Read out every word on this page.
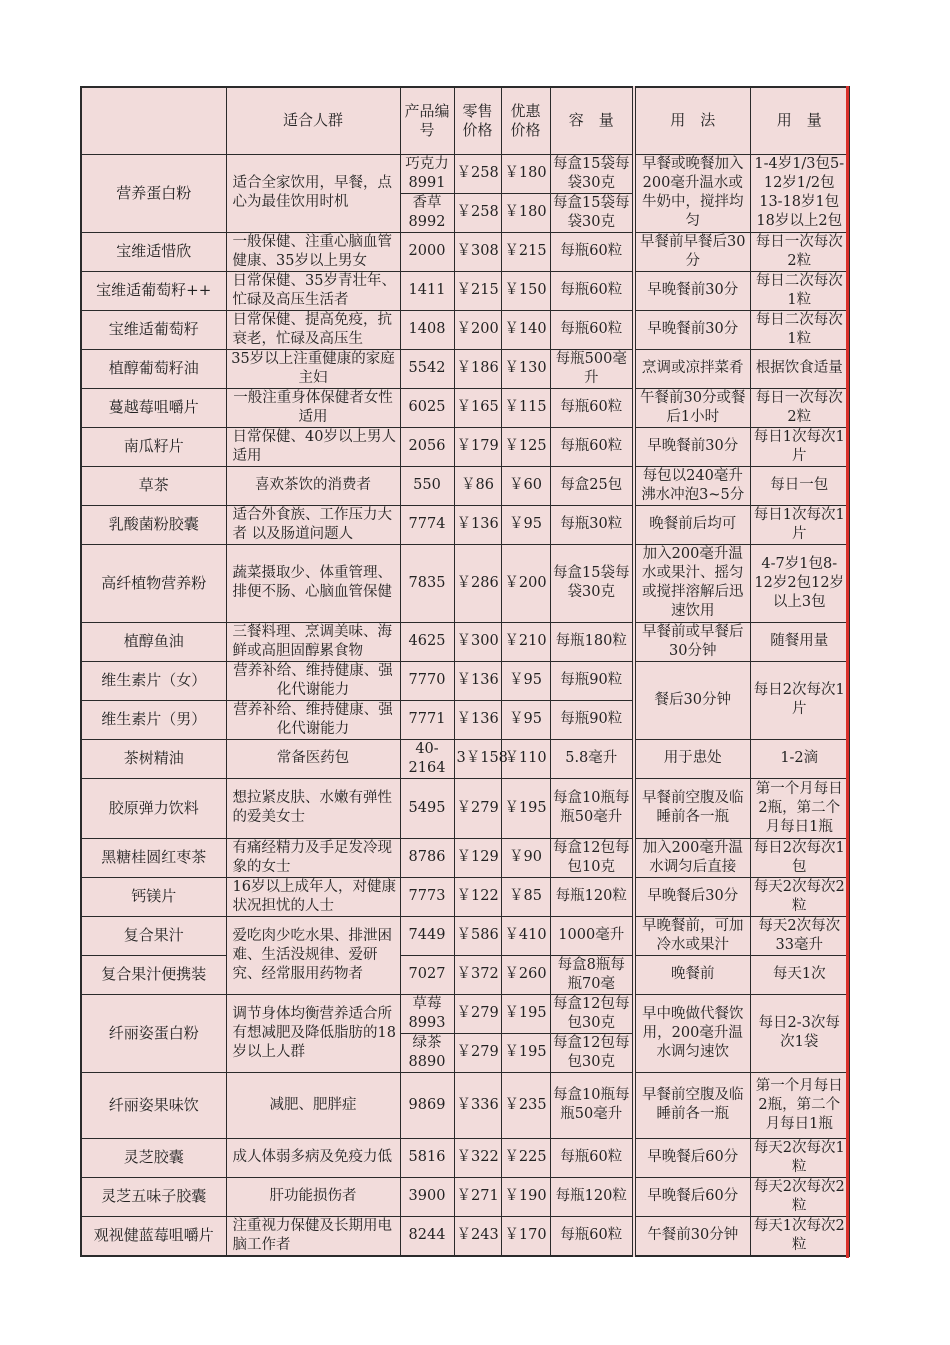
	适合人群	产品编号	零售价格	优惠价格	容　量	用　法	用　量
营养蛋白粉	适合全家饮用，早餐，点心为最佳饮用时机	巧克力8991	￥258	￥180	每盒15袋每袋30克	早餐或晚餐加入200毫升温水或牛奶中，搅拌均匀	1-4岁1/3包5-12岁1/2包13-18岁1包18岁以上2包
		香草8992	￥258	￥180	每盒15袋每袋30克		
宝维适惜欣	一般保健、注重心脑血管健康、35岁以上男女	2000	￥308	￥215	每瓶60粒	早餐前早餐后30分	每日一次每次2粒
宝维适葡萄籽++	日常保健、35岁青壮年、忙碌及高压生活者	1411	￥215	￥150	每瓶60粒	早晚餐前30分	每日二次每次1粒
宝维适葡萄籽	日常保健、提高免疫，抗衰老，忙碌及高压生	1408	￥200	￥140	每瓶60粒	早晚餐前30分	每日二次每次1粒
植醇葡萄籽油	35岁以上注重健康的家庭主妇	5542	￥186	￥130	每瓶500毫升	烹调或凉拌菜肴	根据饮食适量
蔓越莓咀嚼片	一般注重身体保健者女性适用	6025	￥165	￥115	每瓶60粒	午餐前30分或餐后1小时	每日一次每次2粒
南瓜籽片	日常保健、40岁以上男人适用	2056	￥179	￥125	每瓶60粒	早晚餐前30分	每日1次每次1片
草茶	喜欢茶饮的消费者	550	￥86	￥60	每盒25包	每包以240毫升沸水冲泡3~5分	每日一包
乳酸菌粉胶囊	适合外食族、工作压力大者 以及肠道问题人	7774	￥136	￥95	每瓶30粒	晚餐前后均可	每日1次每次1片
高纤植物营养粉	蔬菜摄取少、体重管理、排便不肠、心脑血管保健	7835	￥286	￥200	每盒15袋每袋30克	加入200毫升温水或果汁、摇匀或搅拌溶解后迅速饮用	4-7岁1包8-12岁2包12岁以上3包
植醇鱼油	三餐料理、烹调美味、海鲜或高胆固醇累食物	4625	￥300	￥210	每瓶180粒	早餐前或早餐后30分钟	随餐用量
维生素片（女）	营养补给、维持健康、强化代谢能力	7770	￥136	￥95	每瓶90粒	餐后30分钟	每日2次每次1片
维生素片（男）	营养补给、维持健康、强化代谢能力	7771	￥136	￥95	每瓶90粒		
茶树精油	常备医药包	40-2164	3￥158	￥110	5.8毫升	用于患处	1-2滴
胶原弹力饮料	想拉紧皮肤、水嫩有弹性的爱美女士	5495	￥279	￥195	每盒10瓶每瓶50毫升	早餐前空腹及临睡前各一瓶	第一个月每日2瓶，第二个月每日1瓶
黑糖桂圆红枣茶	有痛经精力及手足发冷现象的女士	8786	￥129	￥90	每盒12包每包10克	加入200毫升温水调匀后直接	每日2次每次1包
钙镁片	16岁以上成年人，对健康状况担忧的人士	7773	￥122	￥85	每瓶120粒	早晚餐后30分	每天2次每次2粒
复合果汁	爱吃肉少吃水果、排泄困难、生活没规律、爱研究、经常服用药物者	7449	￥586	￥410	1000毫升	早晚餐前，可加冷水或果汁	每天2次每次33毫升
复合果汁便携装		7027	￥372	￥260	每盒8瓶每瓶70毫	晚餐前	每天1次
纤丽姿蛋白粉	调节身体均衡营养适合所有想减肥及降低脂肪的18岁以上人群	草莓8993	￥279	￥195	每盒12包每包30克	早中晚做代餐饮用，200毫升温水调匀速饮	每日2-3次每次1袋
		绿茶8890	￥279	￥195	每盒12包每包30克		
纤丽姿果味饮	减肥、肥胖症	9869	￥336	￥235	每盒10瓶每瓶50毫升	早餐前空腹及临睡前各一瓶	第一个月每日2瓶，第二个月每日1瓶
灵芝胶囊	成人体弱多病及免疫力低	5816	￥322	￥225	每瓶60粒	早晚餐后60分	每天2次每次1粒
灵芝五味子胶囊	肝功能损伤者	3900	￥271	￥190	每瓶120粒	早晚餐后60分	每天2次每次2粒
观视健蓝莓咀嚼片	注重视力保健及长期用电脑工作者	8244	￥243	￥170	每瓶60粒	午餐前30分钟	每天1次每次2粒
